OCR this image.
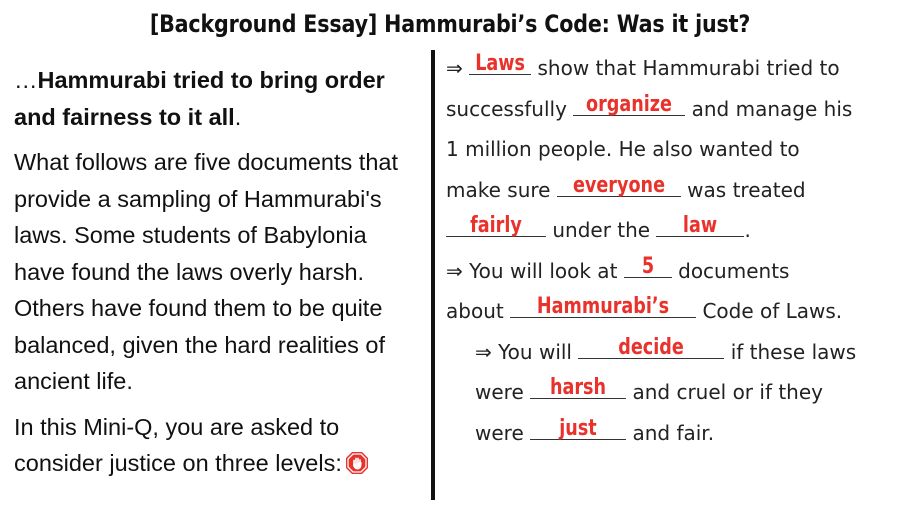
[Background Essay] Hammurabi’s Code: Was it just?

…Hammurabi tried to bring order and fairness to it all.

What follows are five documents that provide a sampling of Hammurabi's laws. Some students of Babylonia have found the laws overly harsh. Others have found them to be quite balanced, given the hard realities of ancient life.

In this Mini-Q, you are asked to consider justice on three levels:

⇒ Laws show that Hammurabi tried to
successfully organize and manage his
1 million people. He also wanted to
make sure everyone was treated
fairly	under the	law	.
⇒ You will look at	5	documents
about	Hammurabi’s	Code of Laws.
⇒ You will	decide	if these laws
were	harsh	and cruel or if they
were	just	and fair.
